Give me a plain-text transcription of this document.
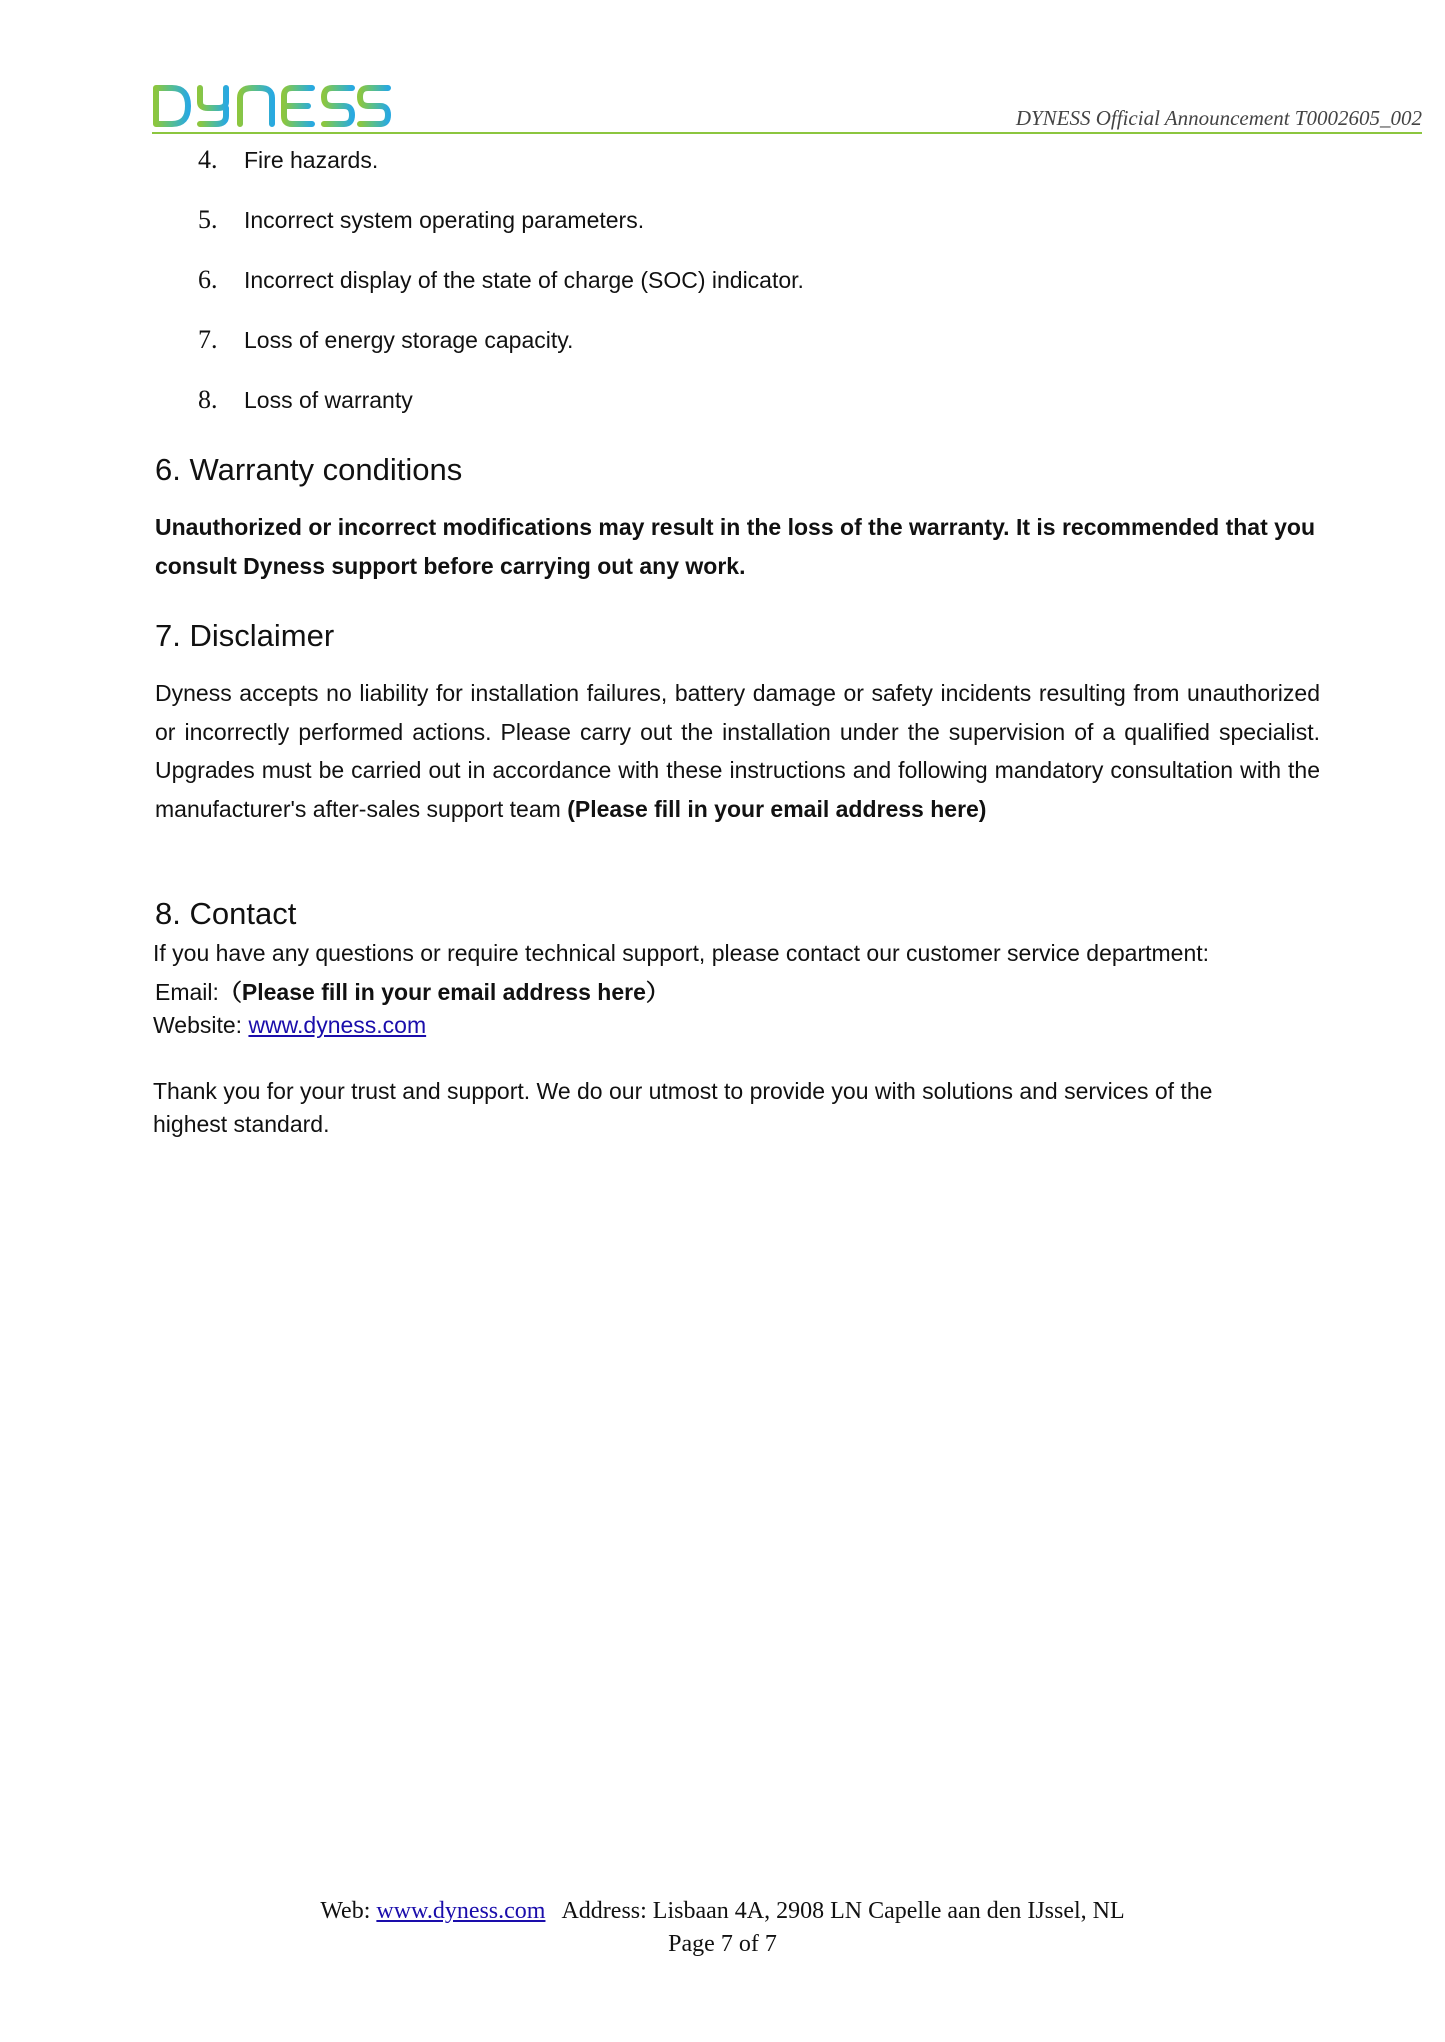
DYNESS Official Announcement T0002605_002
4.	Fire hazards.
5.	Incorrect system operating parameters.
6.	Incorrect display of the state of charge (SOC) indicator.
7.	Loss of energy storage capacity.
8.	Loss of warranty
6. Warranty conditions

Unauthorized or incorrect modifications may result in the loss of the warranty. It is recommended that you consult Dyness support before carrying out any work.

7. Disclaimer

Dyness accepts no liability for installation failures, battery damage or safety incidents resulting from unauthorized or incorrectly performed actions. Please carry out the installation under the supervision of a qualified specialist. Upgrades must be carried out in accordance with these instructions and following mandatory consultation with the manufacturer's after-sales support team (Please fill in your email address here)

8. Contact
If you have any questions or require technical support, please contact our customer service department:
Email:（Please fill in your email address here）
Website: www.dyness.com
Thank you for your trust and support. We do our utmost to provide you with solutions and services of the
highest standard.
Web: www.dyness.com Address: Lisbaan 4A, 2908 LN Capelle aan den IJssel, NL
Page 7 of 7
